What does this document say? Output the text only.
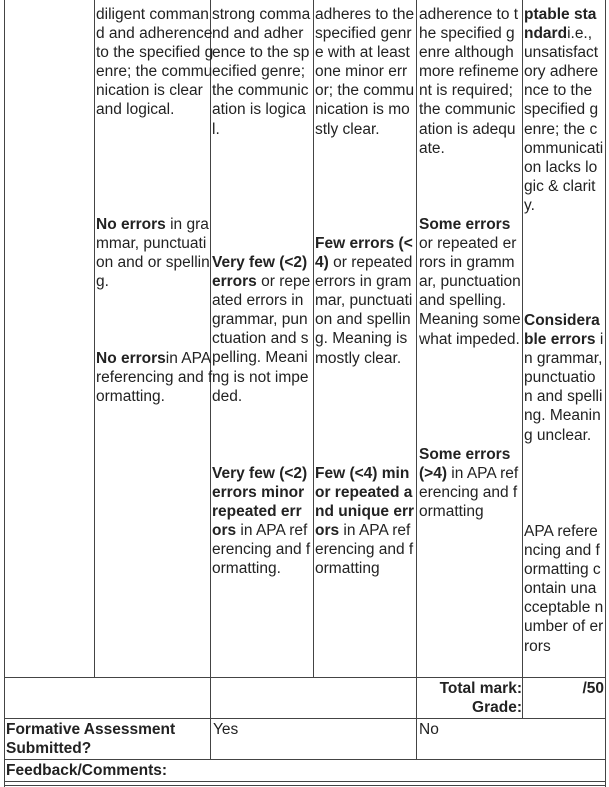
diligent command and adherence to the specified genre; the communication is clear and logical.
No errors in grammar, punctuation and or spelling.
No errorsin APA referencing and formatting.
strong command and adherence to the specified genre; the communication is logical.
Very few (<2)errors or repeated errors in grammar, punctuation and spelling. Meaning is not impeded.
Very few (<2)errors minor repeated errors in APA referencing and formatting.
adheres to the specified genre with at least one minor error; the communication is mostly clear.
Few errors (<4) or repeated errors in grammar, punctuation and spelling. Meaning is mostly clear.
Few (<4) minor repeated and unique errors in APA referencing and formatting
adherence to the specified genre although more refinement is required; the communication is adequate.
Some errors or repeated errors in grammar, punctuation and spelling. Meaning somewhat impeded.
Some errors (>4) in APA referencing and formatting
ptable standardi.e., unsatisfactory adherence to the specified genre; the communication lacks logic & clarity.
Considerable errors in grammar, punctuation and spelling. Meaning unclear.
APA referencing and formatting contain unacceptable number of errors
Total mark:	/50
Grade:
Formative Assessment Submitted?
Yes	No
Feedback/Comments:
